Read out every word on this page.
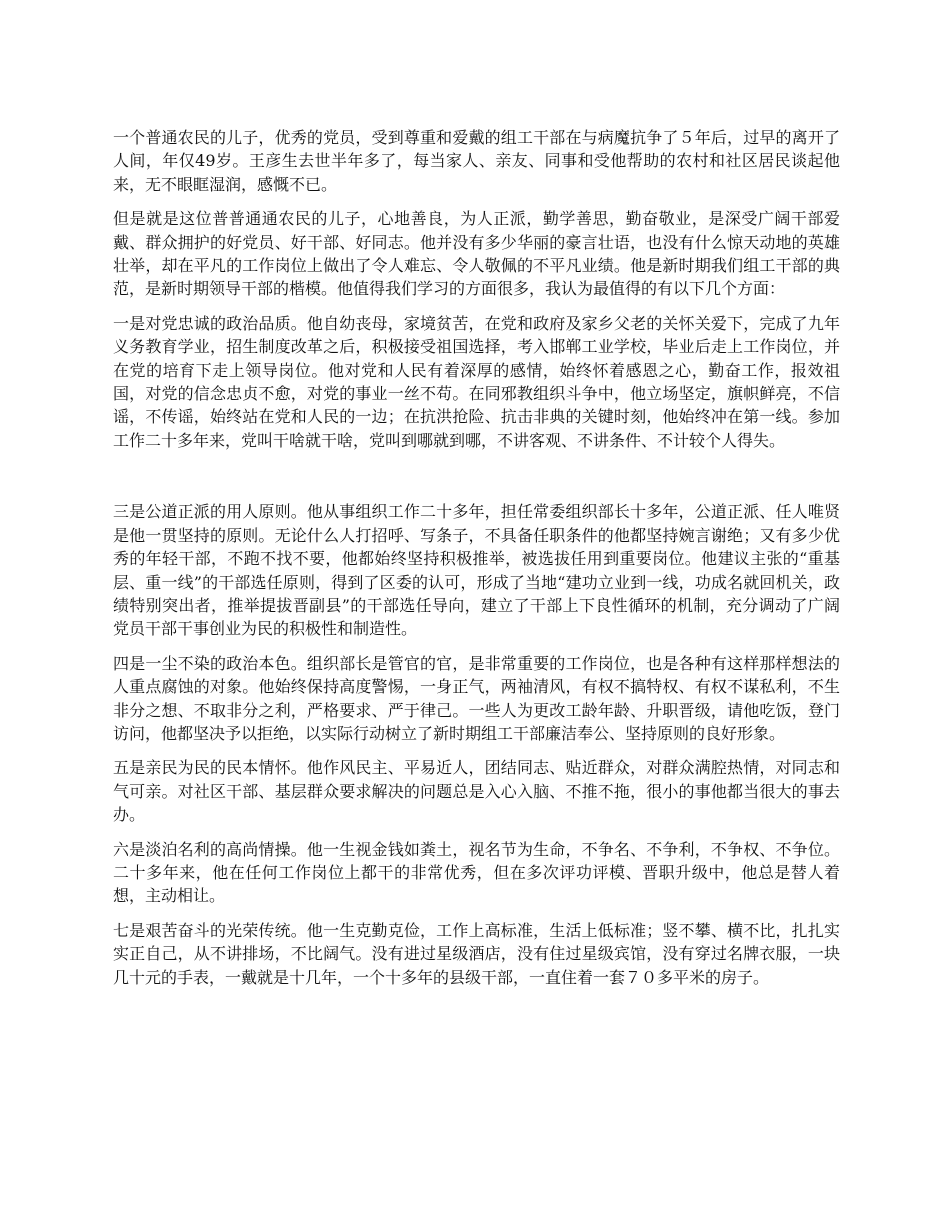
一个普通农民的儿子，优秀的党员，受到尊重和爱戴的组工干部在与病魔抗争了５年后，过早的离开了人间，年仅49岁。王彦生去世半年多了，每当家人、亲友、同事和受他帮助的农村和社区居民谈起他来，无不眼眶湿润，感慨不已。

但是就是这位普普通通农民的儿子，心地善良，为人正派，勤学善思，勤奋敬业，是深受广阔干部爱戴、群众拥护的好党员、好干部、好同志。他并没有多少华丽的豪言壮语，也没有什么惊天动地的英雄壮举，却在平凡的工作岗位上做出了令人难忘、令人敬佩的不平凡业绩。他是新时期我们组工干部的典范，是新时期领导干部的楷模。他值得我们学习的方面很多，我认为最值得的有以下几个方面：

一是对党忠诚的政治品质。他自幼丧母，家境贫苦，在党和政府及家乡父老的关怀关爱下，完成了九年义务教育学业，招生制度改革之后，积极接受祖国选择，考入邯郸工业学校，毕业后走上工作岗位，并在党的培育下走上领导岗位。他对党和人民有着深厚的感情，始终怀着感恩之心，勤奋工作，报效祖国，对党的信念忠贞不愈，对党的事业一丝不苟。在同邪教组织斗争中，他立场坚定，旗帜鲜亮，不信谣，不传谣，始终站在党和人民的一边；在抗洪抢险、抗击非典的关键时刻，他始终冲在第一线。参加工作二十多年来，党叫干啥就干啥，党叫到哪就到哪，不讲客观、不讲条件、不计较个人得失。

三是公道正派的用人原则。他从事组织工作二十多年，担任常委组织部长十多年，公道正派、任人唯贤是他一贯坚持的原则。无论什么人打招呼、写条子，不具备任职条件的他都坚持婉言谢绝；又有多少优秀的年轻干部，不跑不找不要，他都始终坚持积极推举，被选拔任用到重要岗位。他建议主张的“重基层、重一线”的干部选任原则，得到了区委的认可，形成了当地“建功立业到一线，功成名就回机关，政绩特别突出者，推举提拔晋副县”的干部选任导向，建立了干部上下良性循环的机制，充分调动了广阔党员干部干事创业为民的积极性和制造性。

四是一尘不染的政治本色。组织部长是管官的官，是非常重要的工作岗位，也是各种有这样那样想法的人重点腐蚀的对象。他始终保持高度警惕，一身正气，两袖清风，有权不搞特权、有权不谋私利，不生非分之想、不取非分之利，严格要求、严于律己。一些人为更改工龄年龄、升职晋级，请他吃饭，登门访问，他都坚决予以拒绝，以实际行动树立了新时期组工干部廉洁奉公、坚持原则的良好形象。

五是亲民为民的民本情怀。他作风民主、平易近人，团结同志、贴近群众，对群众满腔热情，对同志和气可亲。对社区干部、基层群众要求解决的问题总是入心入脑、不推不拖，很小的事他都当很大的事去办。

六是淡泊名利的高尚情操。他一生视金钱如粪土，视名节为生命，不争名、不争利，不争权、不争位。二十多年来，他在任何工作岗位上都干的非常优秀，但在多次评功评模、晋职升级中，他总是替人着想，主动相让。

七是艰苦奋斗的光荣传统。他一生克勤克俭，工作上高标准，生活上低标准；竖不攀、横不比，扎扎实实正自己，从不讲排场，不比阔气。没有进过星级酒店，没有住过星级宾馆，没有穿过名牌衣服，一块几十元的手表，一戴就是十几年，一个十多年的县级干部，一直住着一套７０多平米的房子。
